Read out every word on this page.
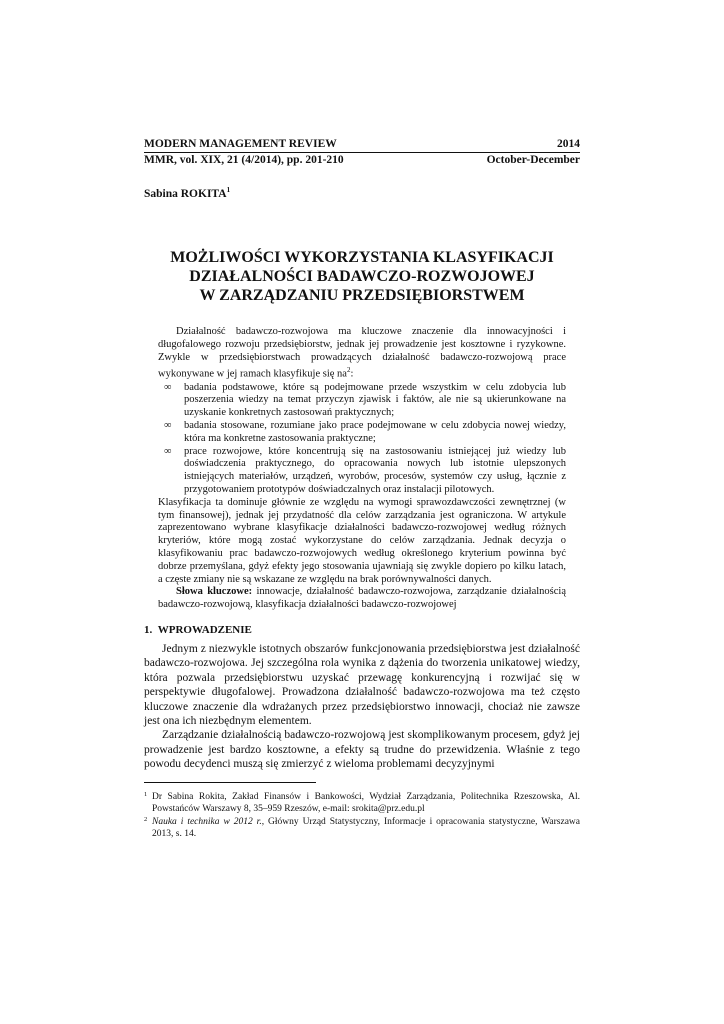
MODERN MANAGEMENT REVIEW	2014
MMR, vol. XIX, 21 (4/2014), pp. 201-210	October-December
Sabina ROKITA$^1$
MOŻLIWOŚCI WYKORZYSTANIA KLASYFIKACJI
DZIAŁALNOŚCI BADAWCZO-ROZWOJOWEJ
W ZARZĄDZANIU PRZEDSIĘBIORSTWEM

Działalność badawczo-rozwojowa ma kluczowe znaczenie dla innowacyjności i długofalowego rozwoju przedsiębiorstw, jednak jej prowadzenie jest kosztowne i ryzykowne. Zwykle w przedsiębiorstwach prowadzących działalność badawczo-rozwojową prace wykonywane w jej ramach klasyfikuje się $na^2$:

∞ badania podstawowe, które są podejmowane przede wszystkim w celu zdobycia lub poszerzenia wiedzy na temat przyczyn zjawisk i faktów, ale nie są ukierunkowane na uzyskanie konkretnych zastosowań praktycznych;
∞ badania stosowane, rozumiane jako prace podejmowane w celu zdobycia nowej wiedzy, która ma konkretne zastosowania praktyczne;
∞ prace rozwojowe, które koncentrują się na zastosowaniu istniejącej już wiedzy lub doświadczenia praktycznego, do opracowania nowych lub istotnie ulepszonych istniejących materiałów, urządzeń, wyrobów, procesów, systemów czy usług, łącznie z przygotowaniem prototypów doświadczalnych oraz instalacji pilotowych.

Klasyfikacja ta dominuje głównie ze względu na wymogi sprawozdawczości zewnętrznej (w tym finansowej), jednak jej przydatność dla celów zarządzania jest ograniczona. W artykule zaprezentowano wybrane klasyfikacje działalności badawczo-rozwojowej według różnych kryteriów, które mogą zostać wykorzystane do celów zarządzania. Jednak decyzja o klasyfikowaniu prac badawczo-rozwojowych według określonego kryterium powinna być dobrze przemyślana, gdyż efekty jego stosowania ujawniają się zwykle dopiero po kilku latach, a częste zmiany nie są wskazane ze względu na brak porównywalności danych.

Słowa kluczowe: innowacje, działalność badawczo-rozwojowa, zarządzanie działalnością badawczo-rozwojową, klasyfikacja działalności badawczo-rozwojowej

1. WPROWADZENIE

Jednym z niezwykle istotnych obszarów funkcjonowania przedsiębiorstwa jest działalność badawczo-rozwojowa. Jej szczególna rola wynika z dążenia do tworzenia unikatowej wiedzy, która pozwala przedsiębiorstwu uzyskać przewagę konkurencyjną i rozwijać się w perspektywie długofalowej. Prowadzona działalność badawczo-rozwojowa ma też często kluczowe znaczenie dla wdrażanych przez przedsiębiorstwo innowacji, chociaż nie zawsze jest ona ich niezbędnym elementem.

Zarządzanie działalnością badawczo-rozwojową jest skomplikowanym procesem, gdyż jej prowadzenie jest bardzo kosztowne, a efekty są trudne do przewidzenia. Właśnie z tego powodu decydenci muszą się zmierzyć z wieloma problemami decyzyjnymi

1 Dr Sabina Rokita, Zakład Finansów i Bankowości, Wydział Zarządzania, Politechnika Rzeszowska, Al. Powstańców Warszawy 8, 35–959 Rzeszów, e-mail: srokita@prz.edu.pl
2 Nauka i technika w 2012 r., Główny Urząd Statystyczny, Informacje i opracowania statystyczne, Warszawa 2013, s. 14.
